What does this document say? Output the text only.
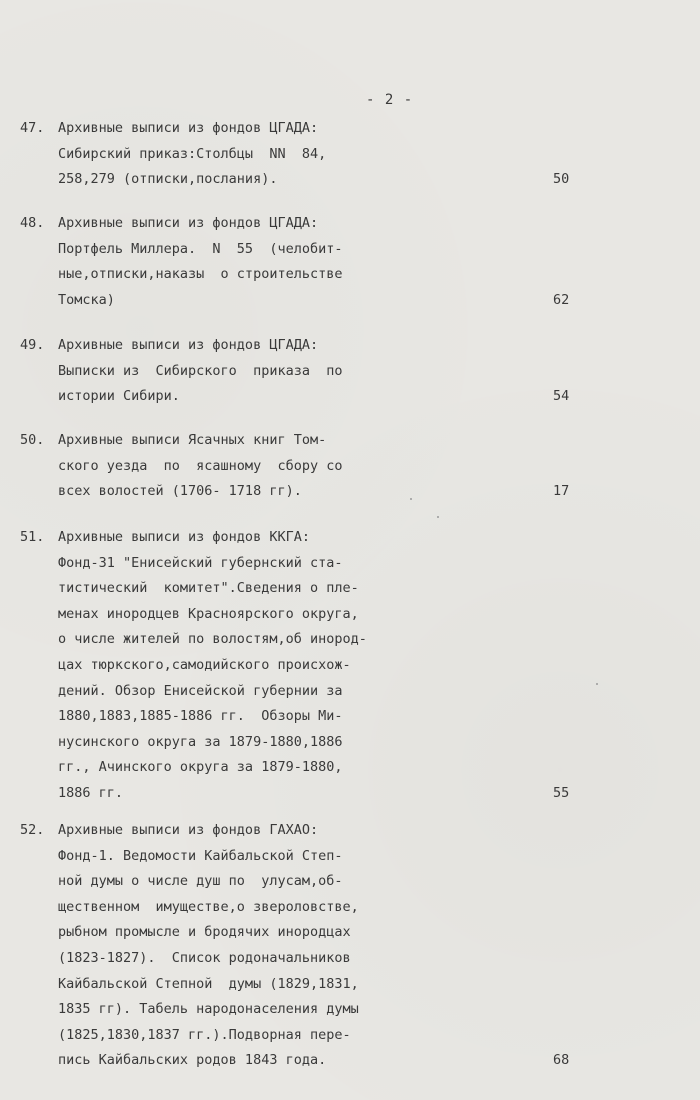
- 2 -
47. Архивные выписи из фондов ЦГАДА:
Сибирский приказ:Столбцы  NN  84,
258,279 (отписки,послания).	50
48. Архивные выписи из фондов ЦГАДА:
Портфель Миллера.  N  55  (челобит-
ные,отписки,наказы  о строительстве
Томска)	62
49. Архивные выписи из фондов ЦГАДА:
Выписки из  Сибирского  приказа  по
истории Сибири.	54
50. Архивные выписи Ясачных книг Том-
ского уезда  по  ясашному  сбору со
всех волостей (1706- 1718 гг).	17
51. Архивные выписи из фондов ККГА:
Фонд-31 "Енисейский губернский ста-
тистический  комитет".Сведения о пле-
менах инородцев Красноярского округа,
о числе жителей по волостям,об инород-
цах тюркского,самодийского происхож-
дений. Обзор Енисейской губернии за
1880,1883,1885-1886 гг.  Обзоры Ми-
нусинского округа за 1879-1880,1886
гг., Ачинского округа за 1879-1880,
1886 гг.	55
52. Архивные выписи из фондов ГАХАО:
Фонд-1. Ведомости Кайбальской Степ-
ной думы о числе душ по  улусам,об-
щественном  имуществе,о звероловстве,
рыбном промысле и бродячих инородцах
(1823-1827).  Список родоначальников
Кайбальской Степной  думы (1829,1831,
1835 гг). Табель народонаселения думы
(1825,1830,1837 гг.).Подворная пере-
пись Кайбальских родов 1843 года.	68
